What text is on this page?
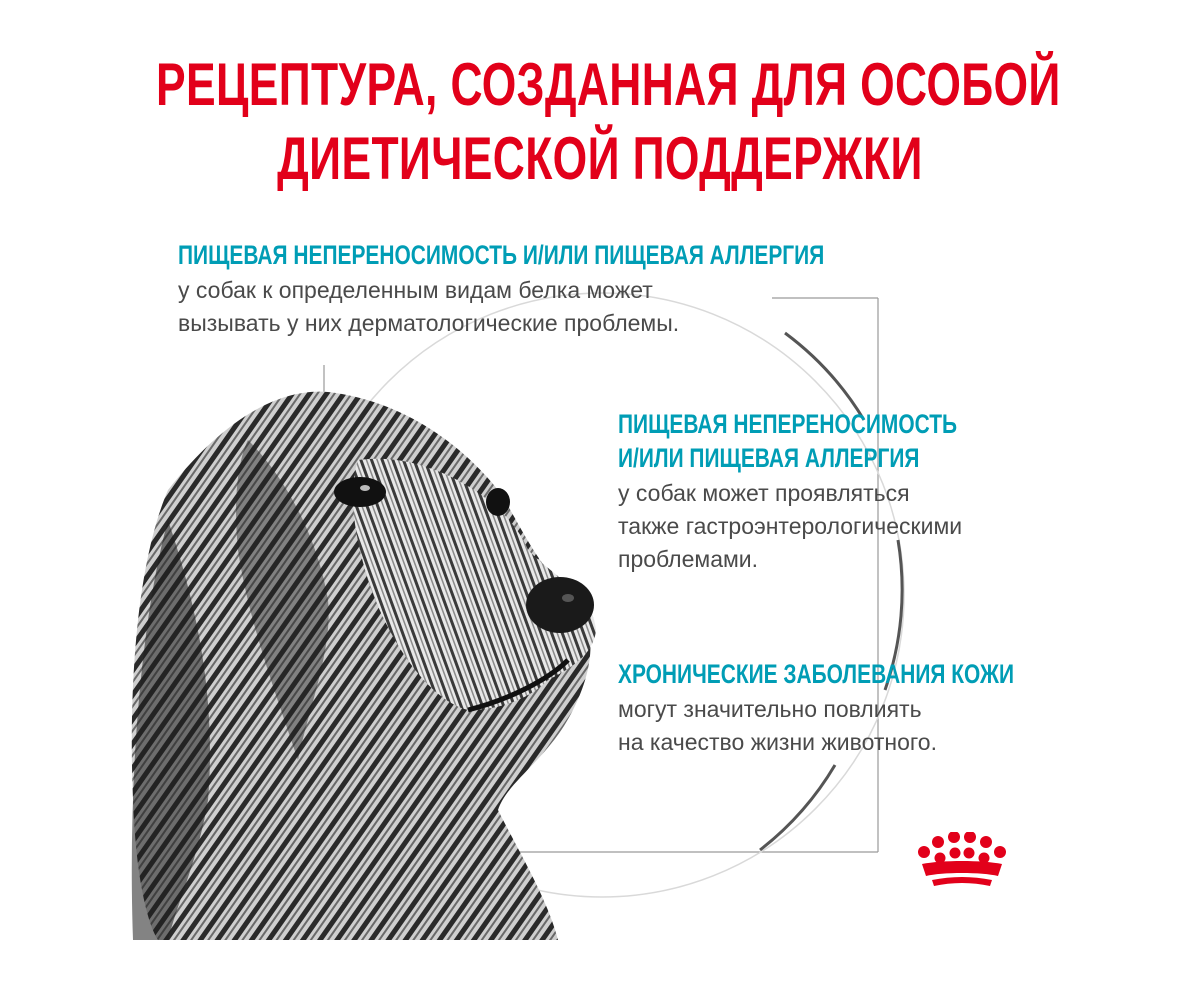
РЕЦЕПТУРА, СОЗДАННАЯ ДЛЯ ОСОБОЙ
ДИЕТИЧЕСКОЙ ПОДДЕРЖКИ
ПИЩЕВАЯ НЕПЕРЕНОСИМОСТЬ И/ИЛИ ПИЩЕВАЯ АЛЛЕРГИЯ
у собак к определенным видам белка может
вызывать у них дерматологические проблемы.
ПИЩЕВАЯ НЕПЕРЕНОСИМОСТЬ
И/ИЛИ ПИЩЕВАЯ АЛЛЕРГИЯ
у собак может проявляться
также гастроэнтерологическими
проблемами.
ХРОНИЧЕСКИЕ ЗАБОЛЕВАНИЯ КОЖИ
могут значительно повлиять
на качество жизни животного.
